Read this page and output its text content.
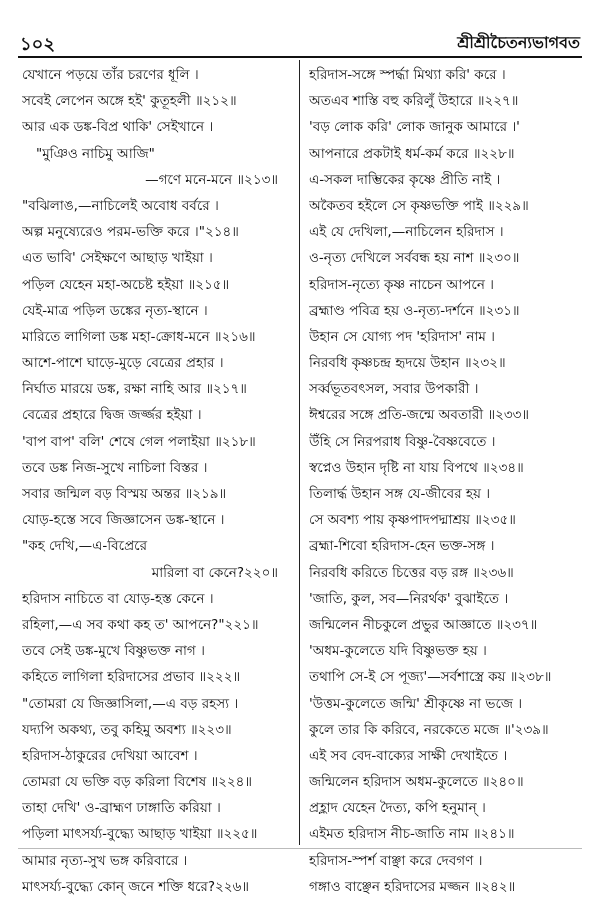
১০২	শ্রীশ্রীচৈতন্যভাগবত
যেখানে পড়য়ে তাঁর চরণের ধূলি ।
সবেই লেপেন অঙ্গে হই' কুতূহলী ॥২১২॥
আর এক ডঙ্ক-বিপ্র থাকি' সেইখানে ।
"মুঞিও নাচিমু আজি"
—গণে মনে-মনে ॥২১৩॥
"বঝিলাঙ,—নাচিলেই অবোধ বর্বরে ।
অল্প মনুষ্যেরেও পরম-ভক্তি করে ।"২১৪॥
এত ভাবি' সেইক্ষণে আছাড় খাইয়া ।
পড়িল যেহেন মহা-অচেষ্ট হইয়া ॥২১৫॥
যেই-মাত্র পড়িল ডঙ্কের নৃত্য-স্থানে ।
মারিতে লাগিলা ডঙ্ক মহা-ক্রোধ-মনে ॥২১৬॥
আশে-পাশে ঘাড়ে-মুড়ে বেত্রের প্রহার ।
নির্ঘাত মারয়ে ডঙ্ক, রক্ষা নাহি আর ॥২১৭॥
বেত্রের প্রহারে দ্বিজ জর্জ্জর হইয়া ।
'বাপ বাপ' বলি' শেষে গেল পলাইয়া ॥২১৮॥
তবে ডঙ্ক নিজ-সুখে নাচিলা বিস্তর ।
সবার জন্মিল বড় বিস্ময় অন্তর ॥২১৯॥
যোড়-হস্তে সবে জিজ্ঞাসেন ডঙ্ক-স্থানে ।
"কহ দেখি,—এ-বিপ্রেরে
মারিলা বা কেনে?২২০॥
হরিদাস নাচিতে বা যোড়-হস্ত কেনে ।
রহিলা,—এ সব কথা কহ ত' আপনে?"২২১॥
তবে সেই ডঙ্ক-মুখে বিষ্ণুভক্ত নাগ ।
কহিতে লাগিলা হরিদাসের প্রভাব ॥২২২॥
"তোমরা যে জিজ্ঞাসিলা,—এ বড় রহস্য ।
যদ্যপি অকথ্য, তবু কহিমু অবশ্য ॥২২৩॥
হরিদাস-ঠাকুরের দেখিয়া আবেশ ।
তোমরা যে ভক্তি বড় করিলা বিশেষ ॥২২৪॥
তাহা দেখি' ও-ব্রাহ্মণ ঢাঙ্গাতি করিয়া ।
পড়িলা মাৎসর্য্য-বুদ্ধ্যে আছাড় খাইয়া ॥২২৫॥
আমার নৃত্য-সুখ ভঙ্গ করিবারে ।
মাৎসর্য্য-বুদ্ধ্যে কোন্ জনে শক্তি ধরে?২২৬॥
হরিদাস-সঙ্গে স্পর্দ্ধা মিথ্যা করি' করে ।
অতএব শাস্তি বহু করিলুঁ উহারে ॥২২৭॥
'বড় লোক করি' লোক জানুক আমারে ।'
আপনারে প্রকটাই ধর্ম-কর্ম করে ॥২২৮॥
এ-সকল দাম্ভিকের কৃষ্ণে প্রীতি নাই ।
অকৈতব হইলে সে কৃষ্ণভক্তি পাই ॥২২৯॥
এই যে দেখিলা,—নাচিলেন হরিদাস ।
ও-নৃত্য দেখিলে সর্ববন্ধ হয় নাশ ॥২৩০॥
হরিদাস-নৃত্যে কৃষ্ণ নাচেন আপনে ।
ব্রহ্মাণ্ড পবিত্র হয় ও-নৃত্য-দর্শনে ॥২৩১॥
উহান সে যোগ্য পদ 'হরিদাস' নাম ।
নিরবধি কৃষ্ণচন্দ্র হৃদয়ে উহান ॥২৩২॥
সর্ব্বভূতবৎসল, সবার উপকারী ।
ঈশ্বরের সঙ্গে প্রতি-জন্মে অবতারী ॥২৩৩॥
উঁহি সে নিরপরাধ বিষ্ণু-বৈষ্ণবেতে ।
স্বপ্নেও উহান দৃষ্টি না যায় বিপথে ॥২৩৪॥
তিলার্দ্ধ উহান সঙ্গ যে-জীবের হয় ।
সে অবশ্য পায় কৃষ্ণপাদপদ্মাশ্রয় ॥২৩৫॥
ব্রহ্মা-শিবো হরিদাস-হেন ভক্ত-সঙ্গ ।
নিরবধি করিতে চিত্তের বড় রঙ্গ ॥২৩৬॥
'জাতি, কুল, সব—নিরর্থক' বুঝাইতে ।
জন্মিলেন নীচকুলে প্রভুর আজ্ঞাতে ॥২৩৭॥
'অধম-কুলেতে যদি বিষ্ণুভক্ত হয় ।
তথাপি সে-ই সে পূজ্য'—সর্বশাস্ত্রে কয় ॥২৩৮॥
'উত্তম-কুলেতে জন্মি' শ্রীকৃষ্ণে না ভজে ।
কুলে তার কি করিবে, নরকেতে মজে ॥'২৩৯॥
এই সব বেদ-বাক্যের সাক্ষী দেখাইতে ।
জন্মিলেন হরিদাস অধম-কুলেতে ॥২৪০॥
প্রহ্লাদ যেহেন দৈত্য, কপি হনুমান্ ।
এইমত হরিদাস নীচ-জাতি নাম ॥২৪১॥
হরিদাস-স্পর্শ বাঞ্ছা করে দেবগণ ।
গঙ্গাও বাঞ্ছেন হরিদাসের মজ্জন ॥২৪২॥
